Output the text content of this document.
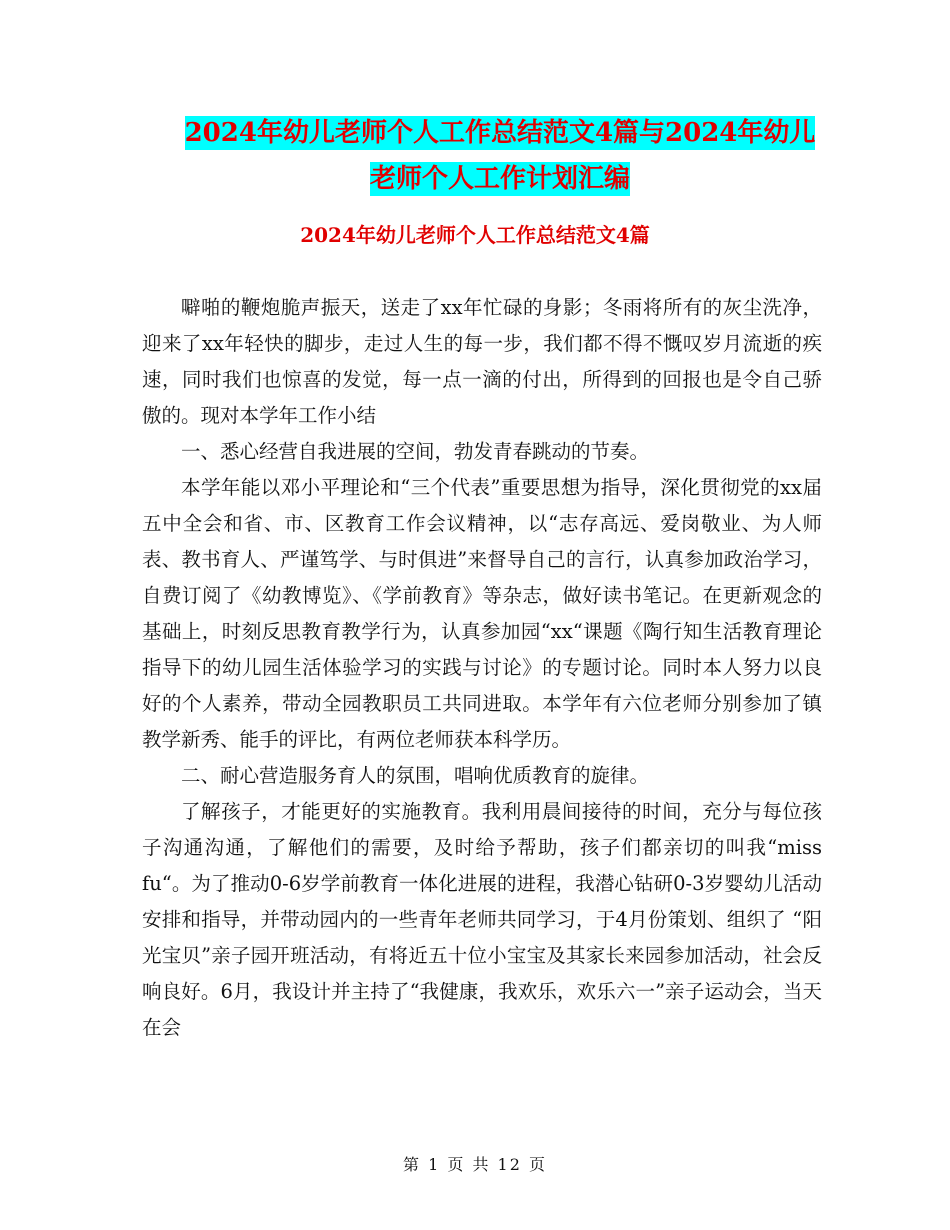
2024年幼儿老师个人工作总结范文4篇与2024年幼儿
老师个人工作计划汇编
2024年幼儿老师个人工作总结范文4篇

噼啪的鞭炮脆声振天，送走了xx年忙碌的身影；冬雨将所有的灰尘洗净，迎来了xx年轻快的脚步，走过人生的每一步，我们都不得不慨叹岁月流逝的疾速，同时我们也惊喜的发觉，每一点一滴的付出，所得到的回报也是令自己骄傲的。现对本学年工作小结

一、悉心经营自我进展的空间，勃发青春跳动的节奏。

本学年能以邓小平理论和“三个代表”重要思想为指导，深化贯彻党的xx届五中全会和省、市、区教育工作会议精神，以“志存高远、爱岗敬业、为人师表、教书育人、严谨笃学、与时俱进”来督导自己的言行，认真参加政治学习，自费订阅了《幼教博览》、《学前教育》等杂志，做好读书笔记。在更新观念的基础上，时刻反思教育教学行为，认真参加园“xx“课题《陶行知生活教育理论指导下的幼儿园生活体验学习的实践与讨论》的专题讨论。同时本人努力以良好的个人素养，带动全园教职员工共同进取。本学年有六位老师分别参加了镇教学新秀、能手的评比，有两位老师获本科学历。

二、耐心营造服务育人的氛围，唱响优质教育的旋律。

了解孩子，才能更好的实施教育。我利用晨间接待的时间，充分与每位孩子沟通沟通，了解他们的需要，及时给予帮助，孩子们都亲切的叫我“miss fu“。为了推动0-6岁学前教育一体化进展的进程，我潜心钻研0-3岁婴幼儿活动安排和指导，并带动园内的一些青年老师共同学习，于4月份策划、组织了 “阳光宝贝”亲子园开班活动，有将近五十位小宝宝及其家长来园参加活动，社会反响良好。6月，我设计并主持了“我健康，我欢乐，欢乐六一”亲子运动会，当天在会

第 1 页 共 12 页
